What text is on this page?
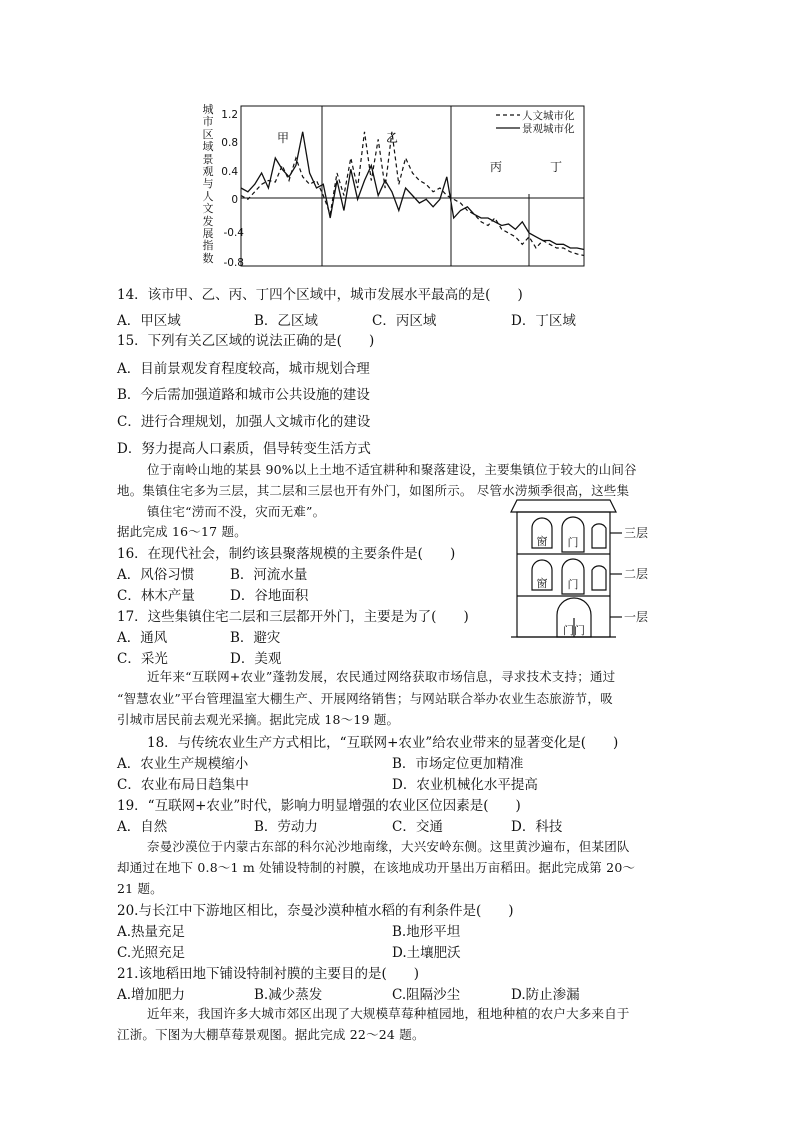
城市区域景观与人文发展指数
1.2
0.8
0.4
0
-0.4
-0.8
甲	乙
丙	丁
人文城市化
景观城市化
14．该市甲、乙、丙、丁四个区域中，城市发展水平最高的是(　　)
A．甲区域	B．乙区域	C．丙区域	D．丁区域
15．下列有关乙区域的说法正确的是(　　)
A．目前景观发育程度较高，城市规划合理
B．今后需加强道路和城市公共设施的建设
C．进行合理规划，加强人文城市化的建设
D．努力提高人口素质，倡导转变生活方式
位于南岭山地的某县 90%以上土地不适宜耕种和聚落建设，主要集镇位于较大的山间谷
地。集镇住宅多为三层，其二层和三层也开有外门，如图所示。 尽管水涝频季很高，这些集
镇住宅“涝而不没，灾而无难”。
据此完成 16～17 题。
窗 门
窗 门
门门
三层
二层
一层
16．在现代社会，制约该县聚落规模的主要条件是(　　)
A．风俗习惯	B．河流水量
C．林木产量	D．谷地面积
17．这些集镇住宅二层和三层都开外门，主要是为了(　　)
A．通风	B．避灾
C．采光	D．美观
近年来“互联网+农业”蓬勃发展，农民通过网络获取市场信息，寻求技术支持；通过
“智慧农业”平台管理温室大棚生产、开展网络销售；与网站联合举办农业生态旅游节，吸
引城市居民前去观光采摘。据此完成 18～19 题。
18．与传统农业生产方式相比，“互联网+农业”给农业带来的显著变化是(　　)
A．农业生产规模缩小	B．市场定位更加精准
C．农业布局日趋集中	D．农业机械化水平提高
19．“互联网+农业”时代，影响力明显增强的农业区位因素是(　　)
A．自然	B．劳动力	C．交通	D．科技
奈曼沙漠位于内蒙古东部的科尔沁沙地南缘，大兴安岭东侧。这里黄沙遍布，但某团队
却通过在地下 0.8～1 m 处铺设特制的衬膜，在该地成功开垦出万亩稻田。据此完成第 20～
21 题。
20.与长江中下游地区相比，奈曼沙漠种植水稻的有利条件是(　　)
A.热量充足	B.地形平坦
C.光照充足	D.土壤肥沃
21.该地稻田地下铺设特制衬膜的主要目的是(　　)
A.增加肥力	B.减少蒸发	C.阻隔沙尘	D.防止渗漏
近年来，我国许多大城市郊区出现了大规模草莓种植园地，租地种植的农户大多来自于
江浙。下图为大棚草莓景观图。据此完成 22～24 题。
